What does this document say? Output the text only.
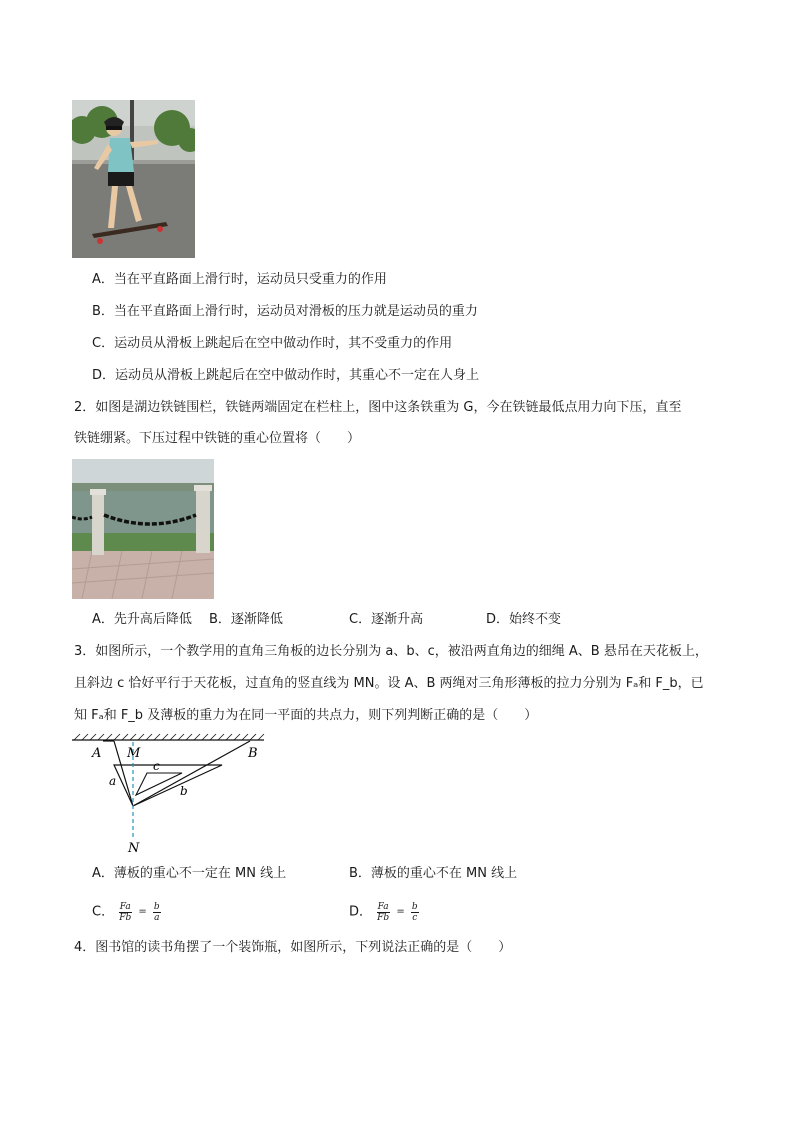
A．当在平直路面上滑行时，运动员只受重力的作用
B．当在平直路面上滑行时，运动员对滑板的压力就是运动员的重力
C．运动员从滑板上跳起后在空中做动作时，其不受重力的作用
D．运动员从滑板上跳起后在空中做动作时，其重心不一定在人身上
2．如图是湖边铁链围栏，铁链两端固定在栏柱上，图中这条铁重为 G，今在铁链最低点用力向下压，直至
铁链绷紧。下压过程中铁链的重心位置将（　　）
A．先升高后降低 B．逐渐降低	C．逐渐升高	D．始终不变
3．如图所示，一个教学用的直角三角板的边长分别为 a、b、c，被沿两直角边的细绳 A、B 悬吊在天花板上，
且斜边 c 恰好平行于天花板，过直角的竖直线为 MN。设 A、B 两绳对三角形薄板的拉力分别为 Fₐ和 F_b，已
知 Fₐ和 F_b 及薄板的重力为在同一平面的共点力，则下列判断正确的是（　　）
A M	B
c
a
b
N
A．薄板的重心不一定在 MN 线上	B．薄板的重心不在 MN 线上
C． $\frac{Fa}{Fb} = \frac{b}{a}$	D． $\frac{Fa}{Fb} = \frac{b}{c}$
4．图书馆的读书角摆了一个装饰瓶，如图所示，下列说法正确的是（　　）
